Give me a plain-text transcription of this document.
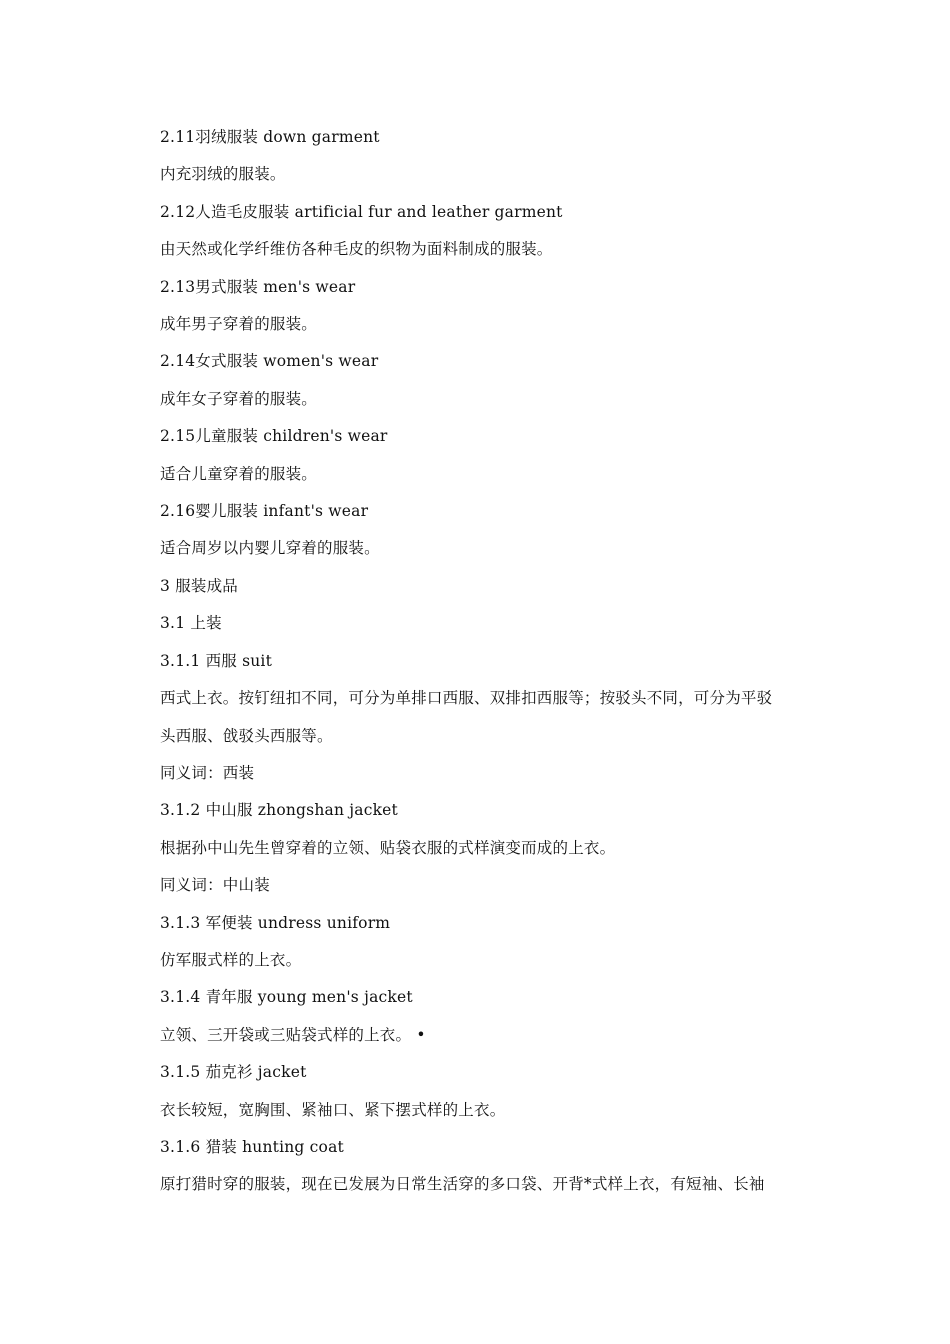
2.11羽绒服装 down garment
内充羽绒的服装。
2.12人造毛皮服装 artificial fur and leather garment
由天然或化学纤维仿各种毛皮的织物为面料制成的服装。
2.13男式服装 men's wear
成年男子穿着的服装。
2.14女式服装 women's wear
成年女子穿着的服装。
2.15儿童服装 children's wear
适合儿童穿着的服装。
2.16婴儿服装 infant's wear
适合周岁以内婴儿穿着的服装。
3 服装成品
3.1 上装
3.1.1 西服 suit
西式上衣。按钉纽扣不同，可分为单排口西服、双排扣西服等；按驳头不同，可分为平驳
头西服、戗驳头西服等。
同义词：西装
3.1.2 中山服 zhongshan jacket
根据孙中山先生曾穿着的立领、贴袋衣服的式样演变而成的上衣。
同义词：中山装
3.1.3 军便装 undress uniform
仿军服式样的上衣。
3.1.4 青年服 young men's jacket
立领、三开袋或三贴袋式样的上衣。 •
3.1.5 茄克衫 jacket
衣长较短，宽胸围、紧袖口、紧下摆式样的上衣。
3.1.6 猎装 hunting coat
原打猎时穿的服装，现在已发展为日常生活穿的多口袋、开背*式样上衣，有短袖、长袖
